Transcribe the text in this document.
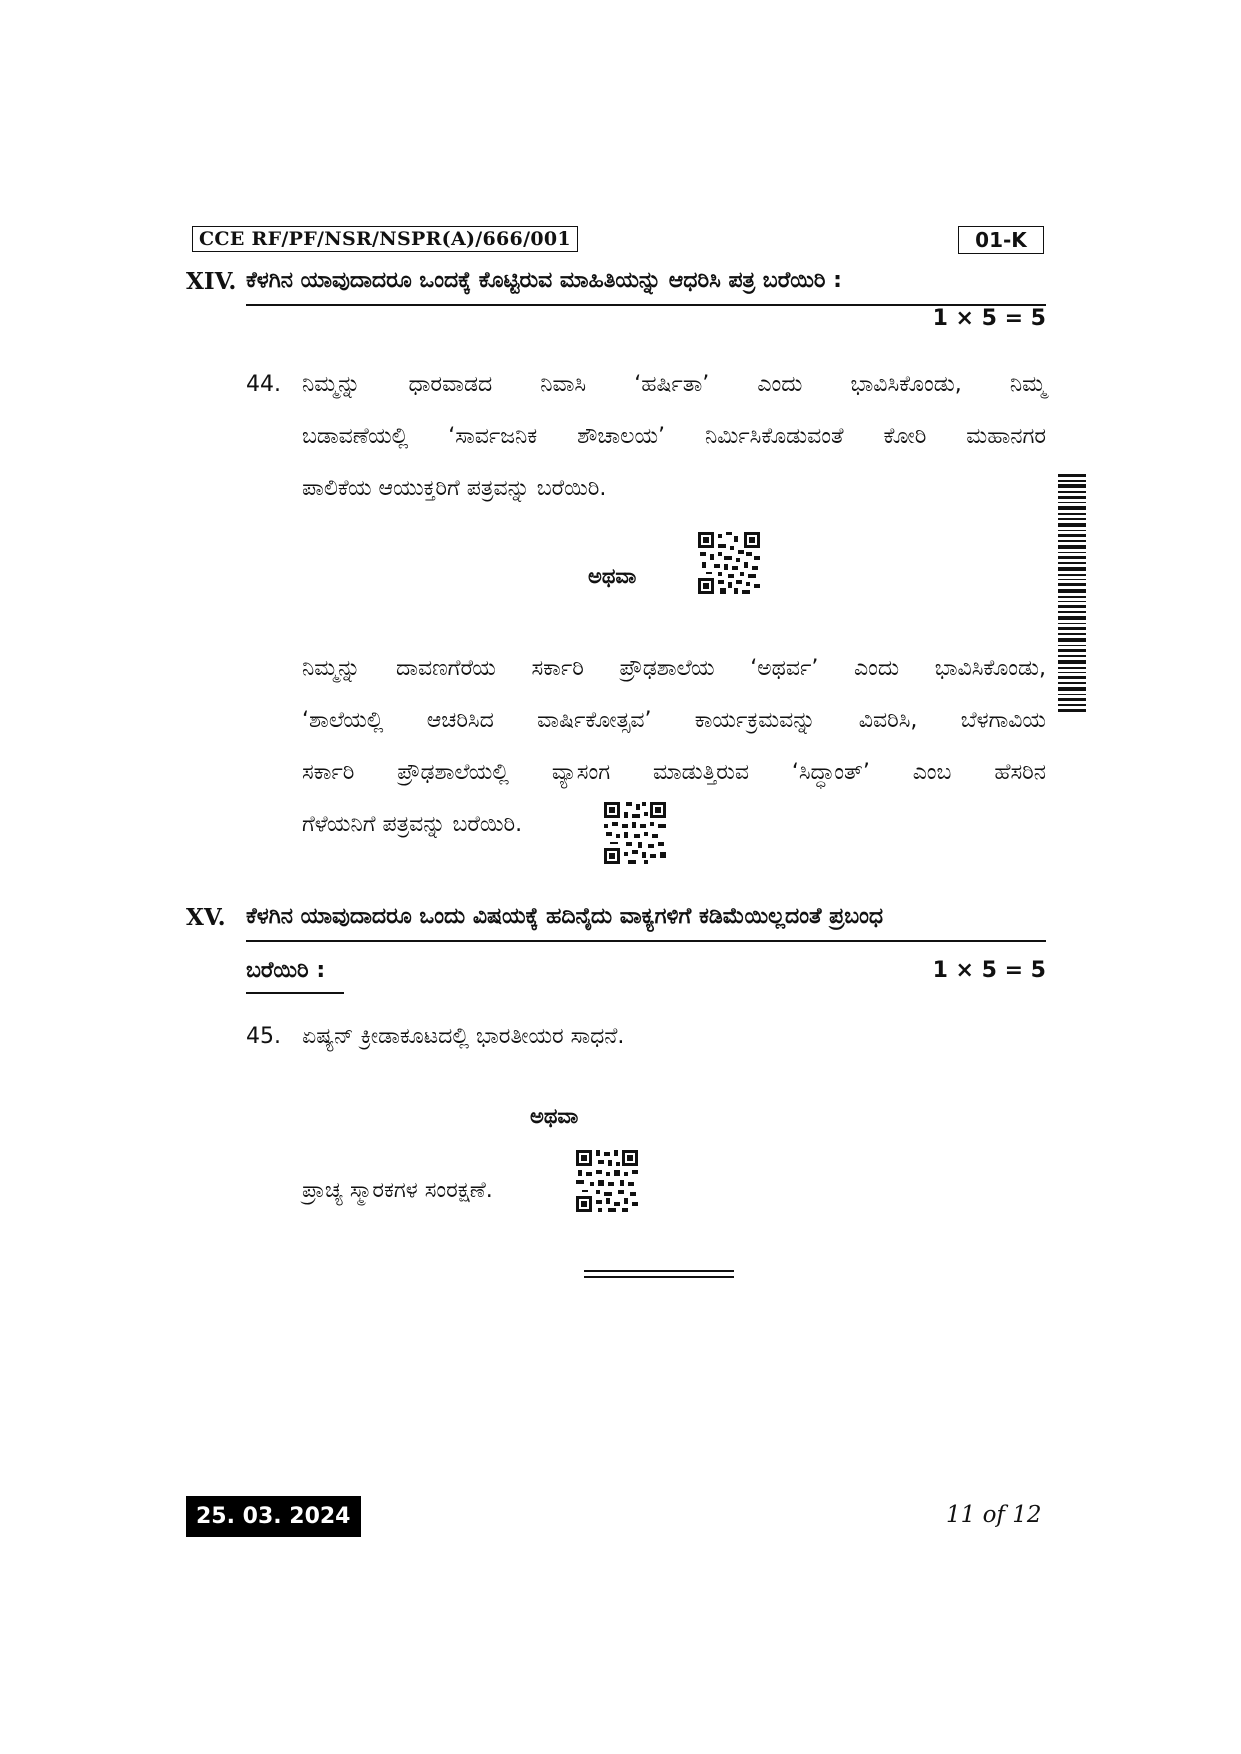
CCE RF/PF/NSR/NSPR(A)/666/001	01-K
XIV. ಕೆಳಗಿನ ಯಾವುದಾದರೂ ಒಂದಕ್ಕೆ ಕೊಟ್ಟಿರುವ ಮಾಹಿತಿಯನ್ನು ಆಧರಿಸಿ ಪತ್ರ ಬರೆಯಿರಿ :
1 × 5 = 5
44. ನಿಮ್ಮನ್ನು ಧಾರವಾಡದ ನಿವಾಸಿ ‘ಹರ್ಷಿತಾ’ ಎಂದು ಭಾವಿಸಿಕೊಂಡು, ನಿಮ್ಮ
ಬಡಾವಣೆಯಲ್ಲಿ ‘ಸಾರ್ವಜನಿಕ ಶೌಚಾಲಯ’ ನಿರ್ಮಿಸಿಕೊಡುವಂತೆ ಕೋರಿ ಮಹಾನಗರ
ಪಾಲಿಕೆಯ ಆಯುಕ್ತರಿಗೆ ಪತ್ರವನ್ನು ಬರೆಯಿರಿ.
ಅಥವಾ
ನಿಮ್ಮನ್ನು ದಾವಣಗೆರೆಯ ಸರ್ಕಾರಿ ಪ್ರೌಢಶಾಲೆಯ ‘ಅಥರ್ವ’ ಎಂದು ಭಾವಿಸಿಕೊಂಡು,
‘ಶಾಲೆಯಲ್ಲಿ ಆಚರಿಸಿದ ವಾರ್ಷಿಕೋತ್ಸವ’ ಕಾರ್ಯಕ್ರಮವನ್ನು ವಿವರಿಸಿ, ಬೆಳಗಾವಿಯ
ಸರ್ಕಾರಿ ಪ್ರೌಢಶಾಲೆಯಲ್ಲಿ ವ್ಯಾಸಂಗ ಮಾಡುತ್ತಿರುವ ‘ಸಿದ್ಧಾಂತ್’ ಎಂಬ ಹೆಸರಿನ
ಗೆಳೆಯನಿಗೆ ಪತ್ರವನ್ನು ಬರೆಯಿರಿ.
XV. ಕೆಳಗಿನ ಯಾವುದಾದರೂ ಒಂದು ವಿಷಯಕ್ಕೆ ಹದಿನೈದು ವಾಕ್ಯಗಳಿಗೆ ಕಡಿಮೆಯಿಲ್ಲದಂತೆ ಪ್ರಬಂಧ
ಬರೆಯಿರಿ :	1 × 5 = 5
45. ಏಷ್ಯನ್ ಕ್ರೀಡಾಕೂಟದಲ್ಲಿ ಭಾರತೀಯರ ಸಾಧನೆ.
ಅಥವಾ
ಪ್ರಾಚ್ಯ ಸ್ಮಾರಕಗಳ ಸಂರಕ್ಷಣೆ.
25. 03. 2024	11 of 12
